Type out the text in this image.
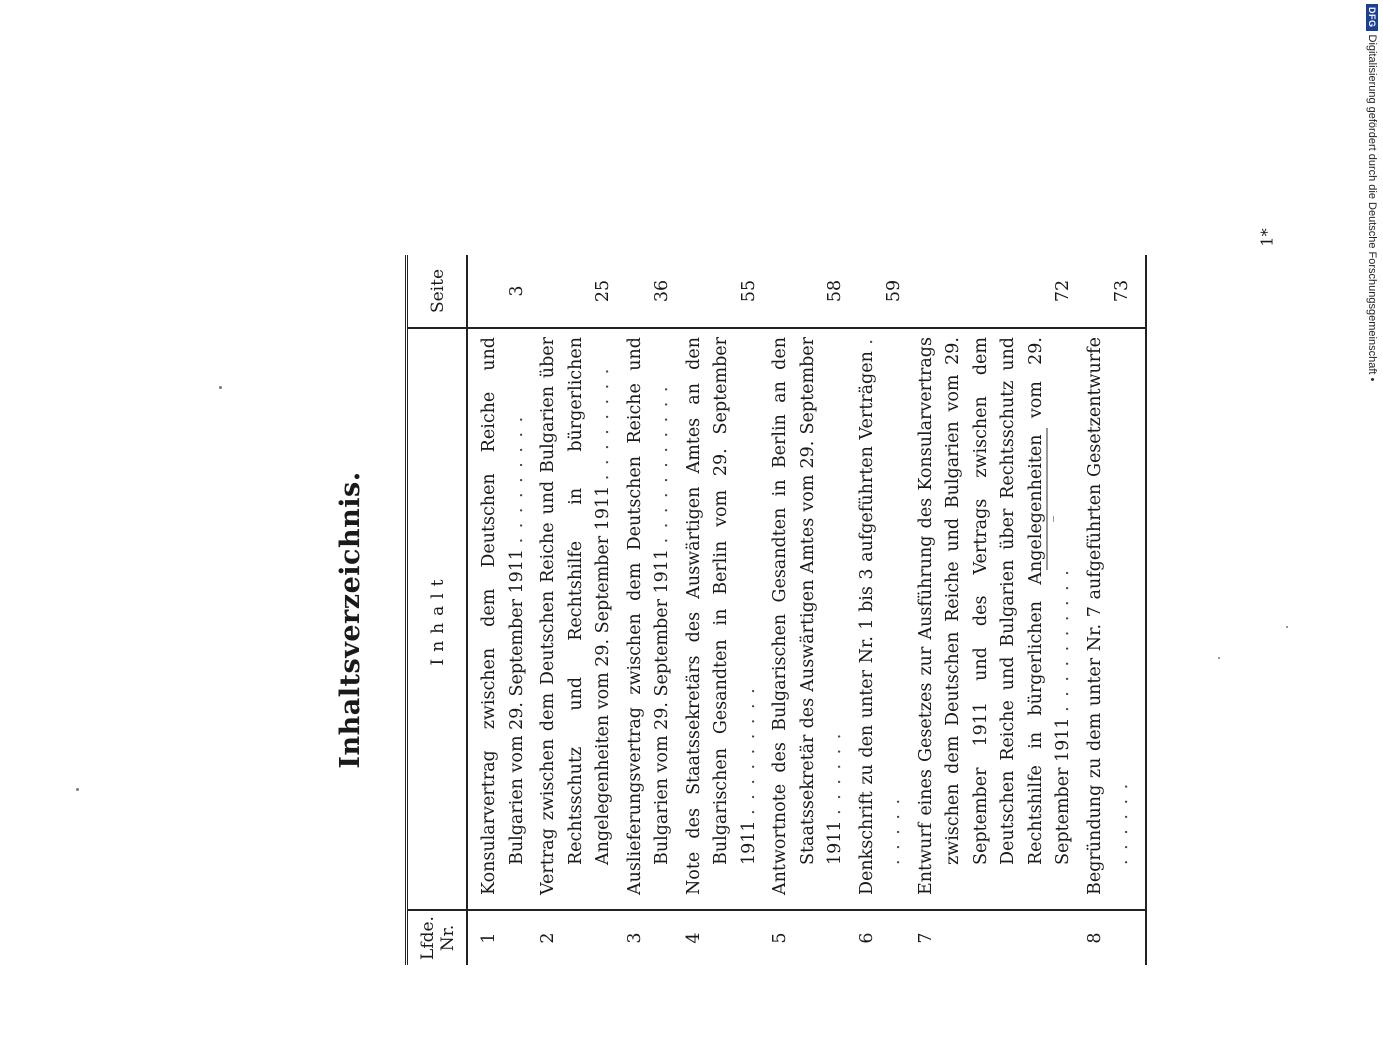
Inhaltsverzeichnis.
Lfde. Nr.	Inhalt	Seite
1	Konsularvertrag zwischen dem Deutschen Reiche und Bulgarien vom 29. September 1911 . . . . . . . . .	3
2	Vertrag zwischen dem Deutschen Reiche und Bulgarien über Rechtsschutz und Rechtshilfe in bürgerlichen Angelegenheiten vom 29. September 1911 . . . . . . . .	25
3	Auslieferungsvertrag zwischen dem Deutschen Reiche und Bulgarien vom 29. September 1911 . . . . . . . . . . .	36
4	Note des Staatssekretärs des Auswärtigen Amtes an den Bulgarischen Gesandten in Berlin vom 29. September 1911 . . . . . . . . .	55
5	Antwortnote des Bulgarischen Gesandten in Berlin an den Staatssekretär des Auswärtigen Amtes vom 29. September 1911 . . . . . .	58
6	Denkschrift zu den unter Nr. 1 bis 3 aufgeführten Verträgen . . . . . .	59
7	Entwurf eines Gesetzes zur Ausführung des Konsularvertrags zwischen dem Deutschen Reiche und Bulgarien vom 29. September 1911 und des Vertrags zwischen dem Deutschen Reiche und Bulgarien über Rechtsschutz und Rechtshilfe in bürgerlichen Angelegenheiten vom 29. September 1911 . . . . . . . . . .	72
8	Begründung zu dem unter Nr. 7 aufgeführten Gesetzentwurfe . . . . . .	73
1*
DFG
Digitalisierung gefördert durch die Deutsche Forschungsgemeinschaft •
